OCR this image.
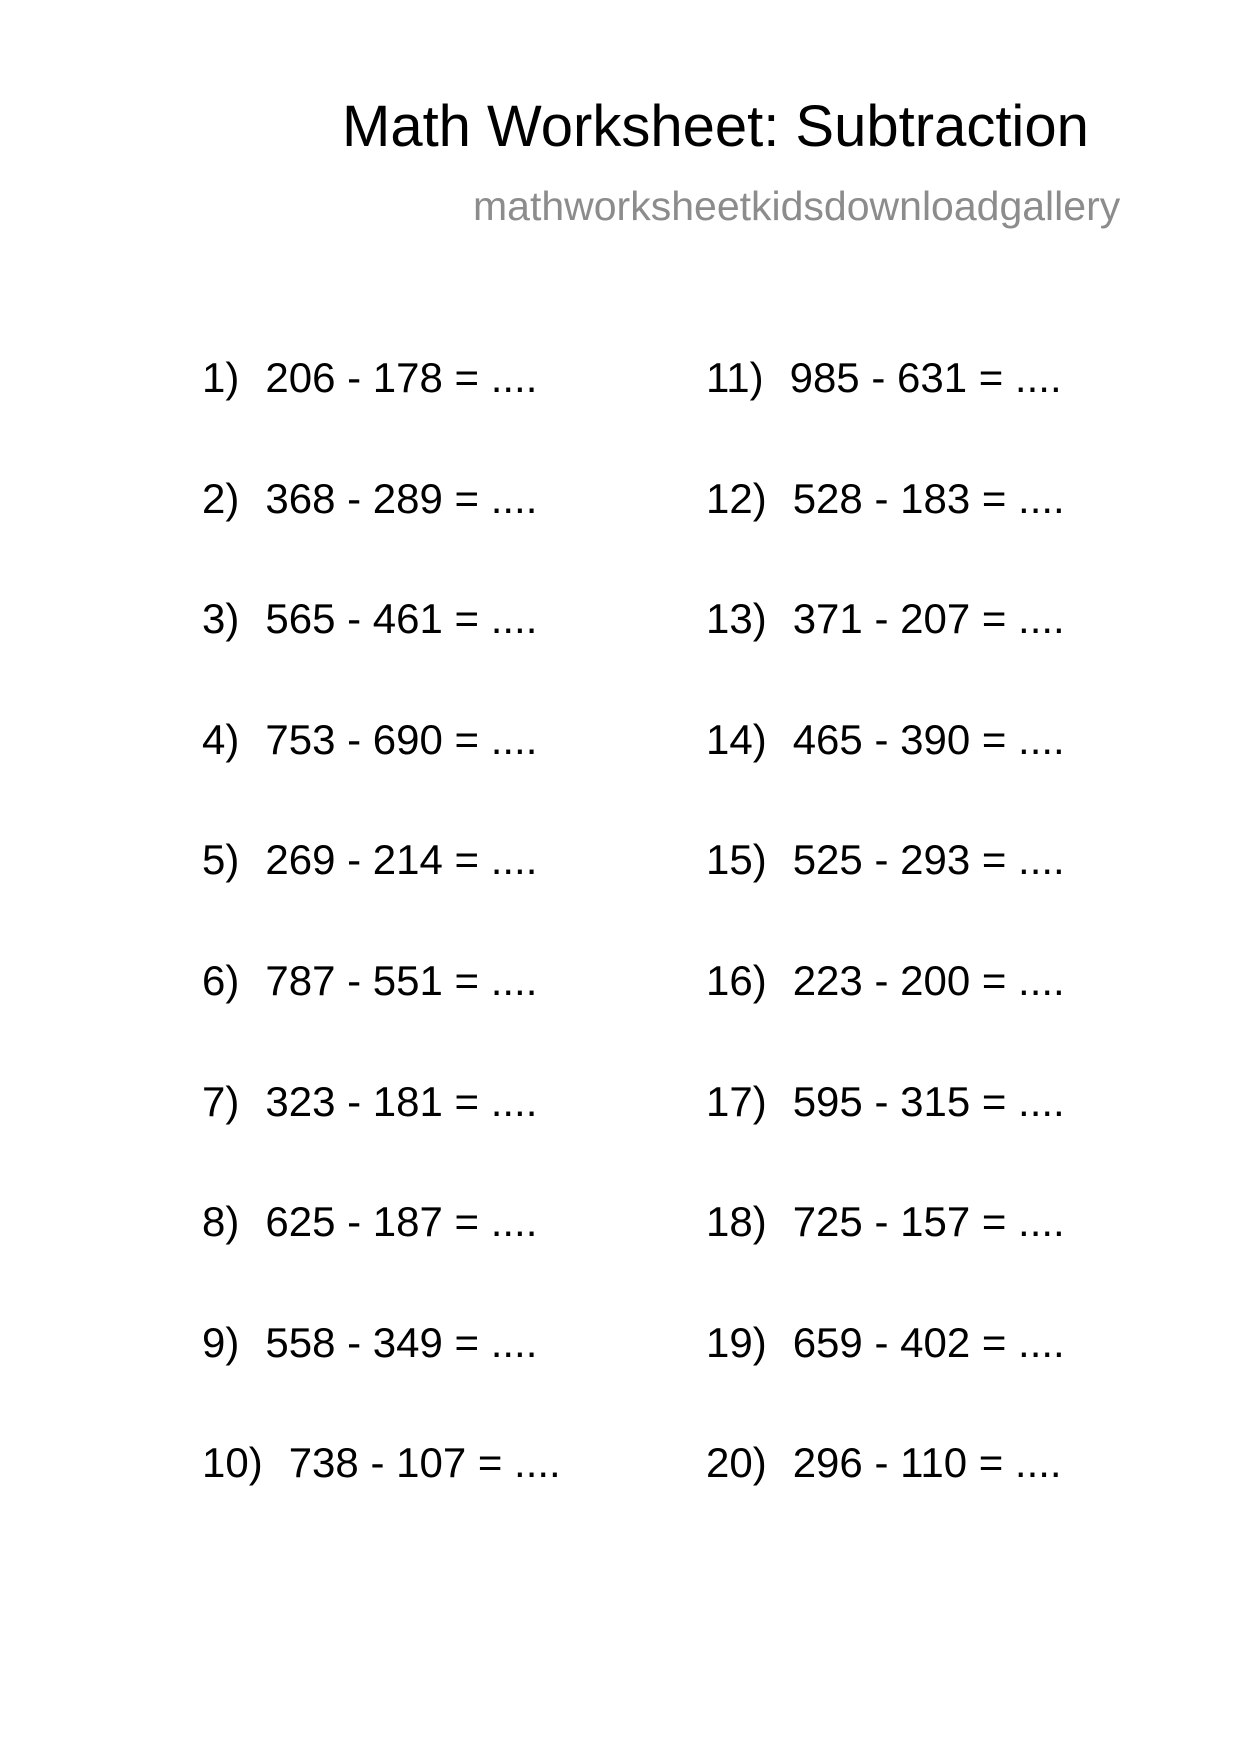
Math Worksheet: Subtraction
mathworksheetkidsdownloadgallery
1) 206 - 178 = ....
2) 368 - 289 = ....
3) 565 - 461 = ....
4) 753 - 690 = ....
5) 269 - 214 = ....
6) 787 - 551 = ....
7) 323 - 181 = ....
8) 625 - 187 = ....
9) 558 - 349 = ....
10) 738 - 107 = ....
11) 985 - 631 = ....
12) 528 - 183 = ....
13) 371 - 207 = ....
14) 465 - 390 = ....
15) 525 - 293 = ....
16) 223 - 200 = ....
17) 595 - 315 = ....
18) 725 - 157 = ....
19) 659 - 402 = ....
20) 296 - 110 = ....
